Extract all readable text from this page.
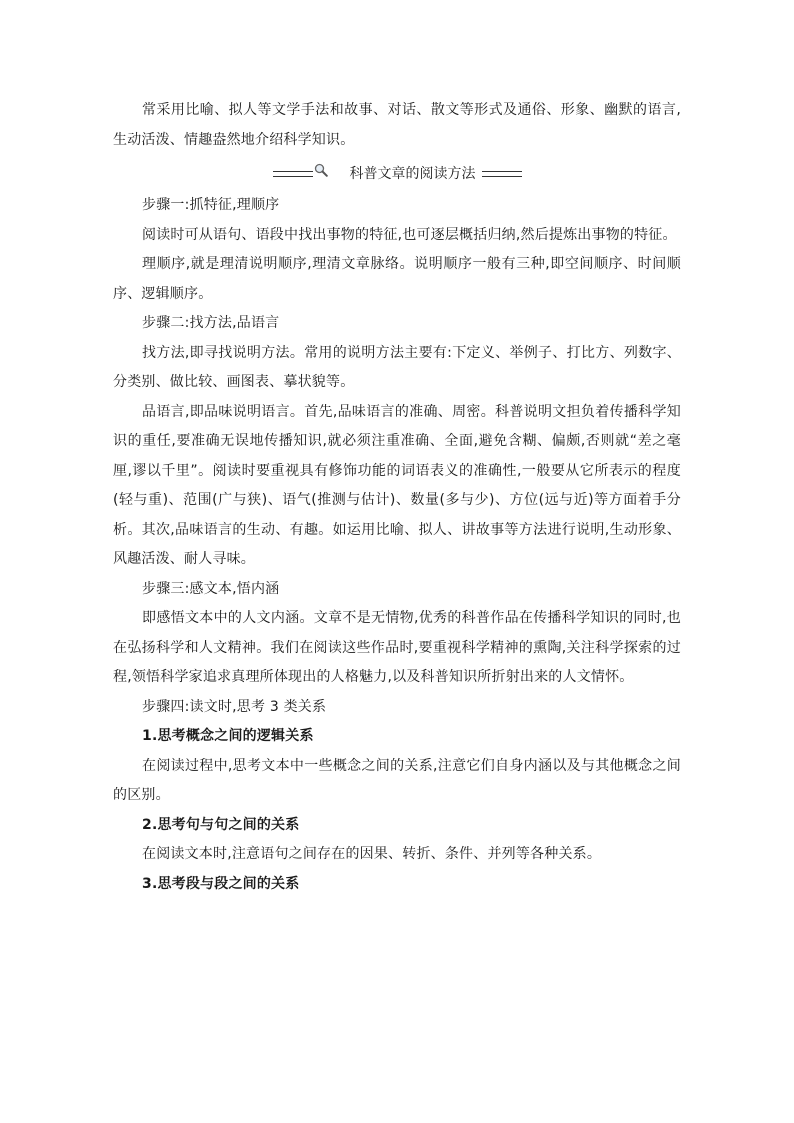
常采用比喻、拟人等文学手法和故事、对话、散文等形式及通俗、形象、幽默的语言,生动活泼、情趣盎然地介绍科学知识。

科普文章的阅读方法

步骤一:抓特征,理顺序

阅读时可从语句、语段中找出事物的特征,也可逐层概括归纳,然后提炼出事物的特征。

理顺序,就是理清说明顺序,理清文章脉络。说明顺序一般有三种,即空间顺序、时间顺序、逻辑顺序。

步骤二:找方法,品语言

找方法,即寻找说明方法。常用的说明方法主要有:下定义、举例子、打比方、列数字、分类别、做比较、画图表、摹状貌等。

品语言,即品味说明语言。首先,品味语言的准确、周密。科普说明文担负着传播科学知识的重任,要准确无误地传播知识,就必须注重准确、全面,避免含糊、偏颇,否则就“差之毫厘,谬以千里”。阅读时要重视具有修饰功能的词语表义的准确性,一般要从它所表示的程度(轻与重)、范围(广与狭)、语气(推测与估计)、数量(多与少)、方位(远与近)等方面着手分析。其次,品味语言的生动、有趣。如运用比喻、拟人、讲故事等方法进行说明,生动形象、风趣活泼、耐人寻味。

步骤三:感文本,悟内涵

即感悟文本中的人文内涵。文章不是无情物,优秀的科普作品在传播科学知识的同时,也在弘扬科学和人文精神。我们在阅读这些作品时,要重视科学精神的熏陶,关注科学探索的过程,领悟科学家追求真理所体现出的人格魅力,以及科普知识所折射出来的人文情怀。

步骤四:读文时,思考 3 类关系

1.思考概念之间的逻辑关系

在阅读过程中,思考文本中一些概念之间的关系,注意它们自身内涵以及与其他概念之间的区别。

2.思考句与句之间的关系

在阅读文本时,注意语句之间存在的因果、转折、条件、并列等各种关系。

3.思考段与段之间的关系
